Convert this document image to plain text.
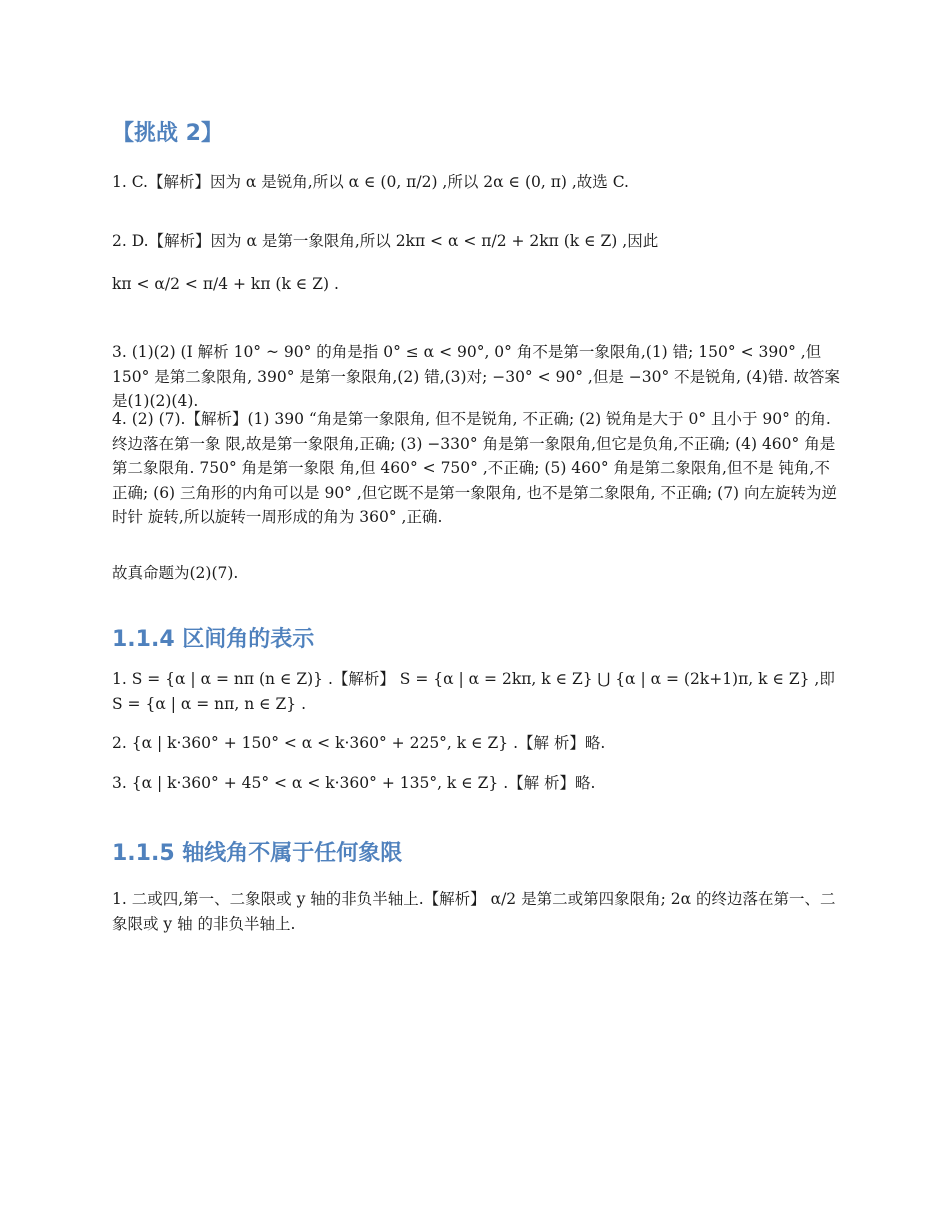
【挑战 2】

1. C.【解析】因为 α 是锐角,所以 α ∈ (0, π/2) ,所以 2α ∈ (0, π) ,故选 C.

2. D.【解析】因为 α 是第一象限角,所以 2kπ < α < π/2 + 2kπ (k ∈ Z) ,因此

kπ < α/2 < π/4 + kπ (k ∈ Z) .

3. (1)(2) (I 解析 10° ~ 90° 的角是指 0° ≤ α < 90°, 0° 角不是第一象限角,(1) 错; 150° < 390° ,但 150° 是第二象限角, 390° 是第一象限角,(2) 错,(3)对; −30° < 90° ,但是 −30° 不是锐角, (4)错. 故答案是(1)(2)(4).

4. (2) (7).【解析】(1) 390 “角是第一象限角, 但不是锐角, 不正确; (2) 锐角是大于 0° 且小于 90° 的角. 终边落在第一象 限,故是第一象限角,正确; (3) −330° 角是第一象限角,但它是负角,不正确; (4) 460° 角是第二象限角. 750° 角是第一象限 角,但 460° < 750° ,不正确; (5) 460° 角是第二象限角,但不是 钝角,不正确; (6) 三角形的内角可以是 90° ,但它既不是第一象限角, 也不是第二象限角, 不正确; (7) 向左旋转为逆时针 旋转,所以旋转一周形成的角为 360° ,正确.

故真命题为(2)(7).

1.1.4 区间角的表示

1. S = {α | α = nπ (n ∈ Z)} .【解析】 S = {α | α = 2kπ, k ∈ Z} ⋃ {α | α = (2k+1)π, k ∈ Z} ,即

S = {α | α = nπ, n ∈ Z} .

2. {α | k·360° + 150° < α < k·360° + 225°, k ∈ Z} .【解 析】略.

3. {α | k·360° + 45° < α < k·360° + 135°, k ∈ Z} .【解 析】略.

1.1.5 轴线角不属于任何象限

1. 二或四,第一、二象限或 y 轴的非负半轴上.【解析】 α/2 是第二或第四象限角; 2α 的终边落在第一、二象限或 y 轴 的非负半轴上.
